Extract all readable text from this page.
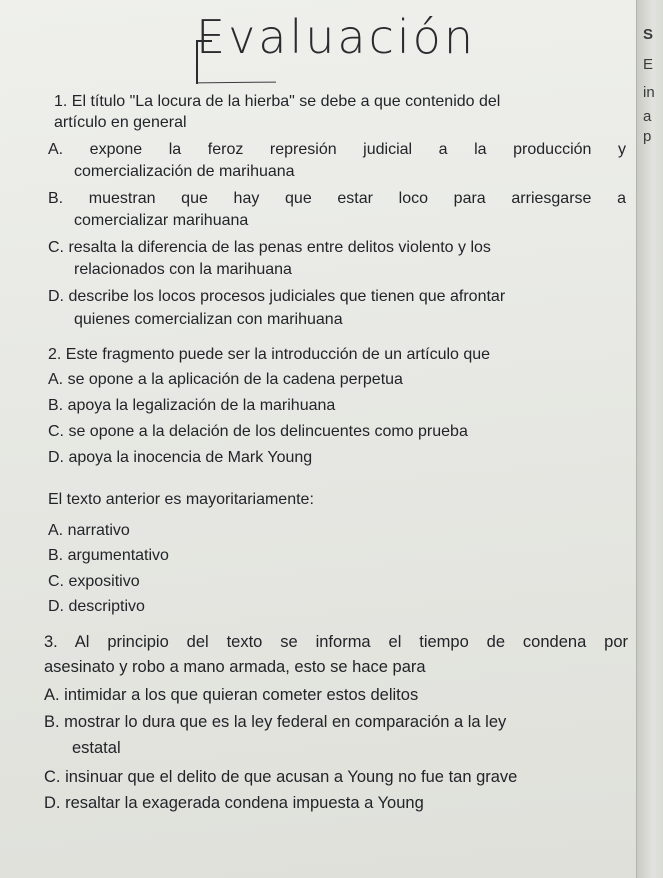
S
E
in
a
p
Evaluación
1. El título "La locura de la hierba" se debe a que contenido del
artículo en general
A. expone la feroz represión judicial a la producción y
comercialización de marihuana
B. muestran que hay que estar loco para arriesgarse a
comercializar marihuana
C. resalta la diferencia de las penas entre delitos violento y los
relacionados con la marihuana
D. describe los locos procesos judiciales que tienen que afrontar
quienes comercializan con marihuana
2. Este fragmento puede ser la introducción de un artículo que
A. se opone a la aplicación de la cadena perpetua
B. apoya la legalización de la marihuana
C. se opone a la delación de los delincuentes como prueba
D. apoya la inocencia de Mark Young
El texto anterior es mayoritariamente:
A. narrativo
B. argumentativo
C. expositivo
D. descriptivo
3. Al principio del texto se informa el tiempo de condena por
asesinato y robo a mano armada, esto se hace para
A. intimidar a los que quieran cometer estos delitos
B. mostrar lo dura que es la ley federal en comparación a la ley
estatal
C. insinuar que el delito de que acusan a Young no fue tan grave
D. resaltar la exagerada condena impuesta a Young
